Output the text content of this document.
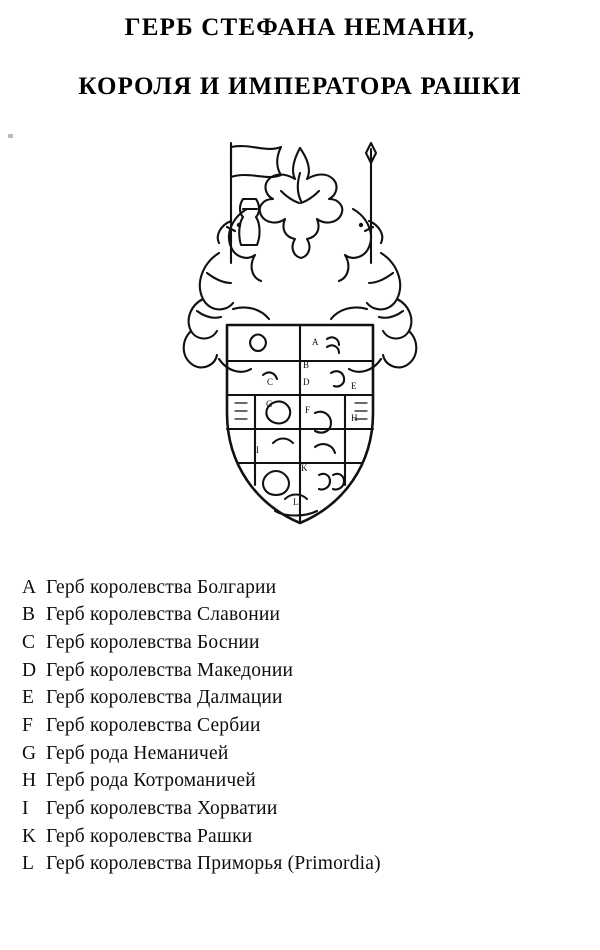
ГЕРБ СТЕФАНА НЕМАНИ,
КОРОЛЯ И ИМПЕРАТОРА РАШКИ
A
B
C	D	E
F
G
H
I
K
L
A Герб королевства Болгарии
B Герб королевства Славонии
C Герб королевства Боснии
D Герб королевства Македонии
E Герб королевства Далмации
F Герб королевства Сербии
G Герб рода Неманичей
H Герб рода Котроманичей
I Герб королевства Хорватии
K Герб королевства Рашки
L Герб королевства Приморья (Primordia)
